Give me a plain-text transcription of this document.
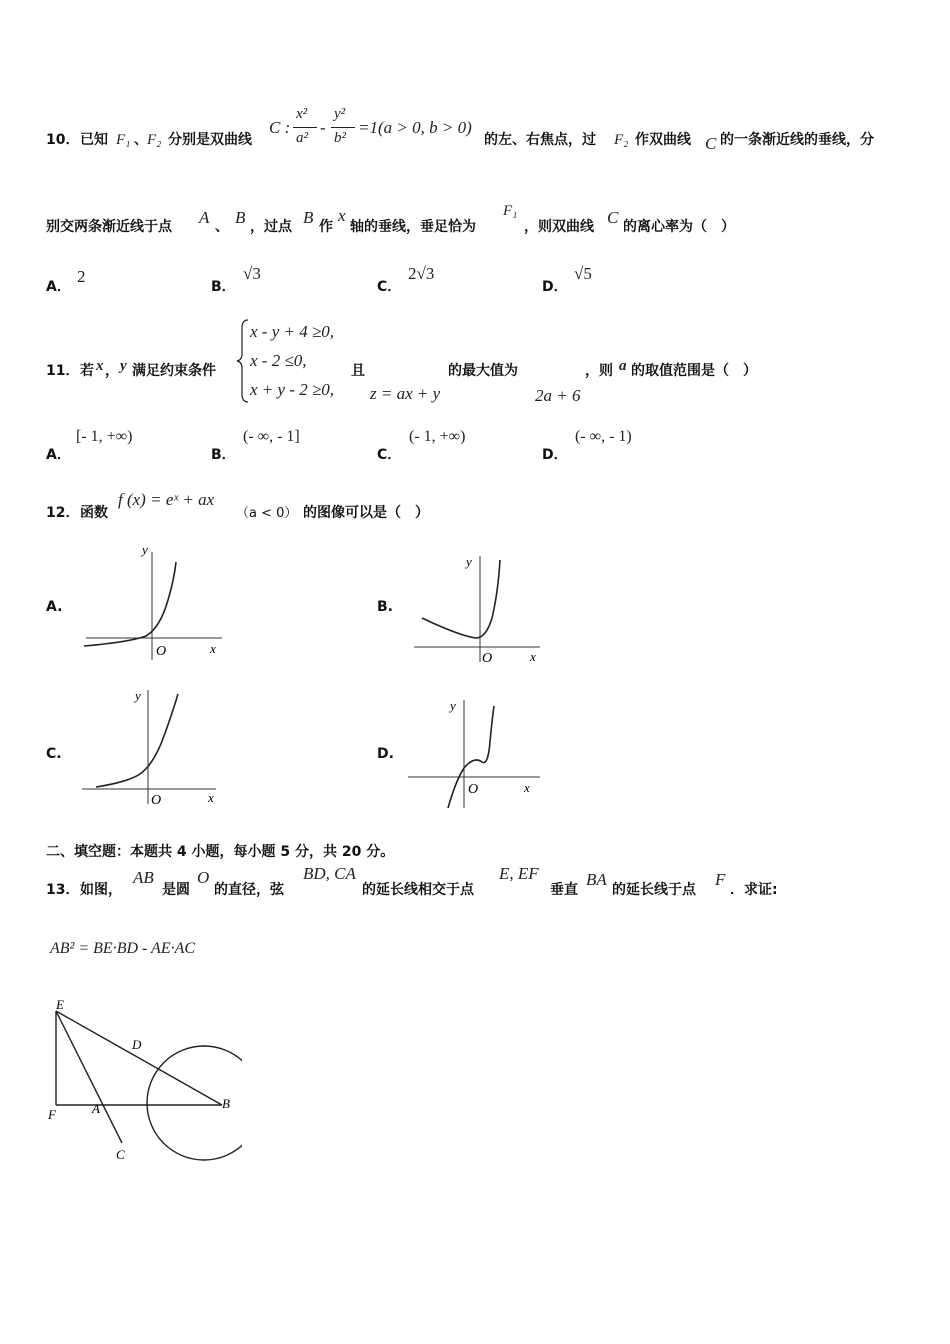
10． 已知 F₁ 、 F₂ 分别是双曲线
C :
x²
a²
-
y²
b²
=1(a > 0, b > 0)
的左、右焦点，过 F₂ 作双曲线 C 的一条渐近线的垂线，分
别交两条渐近线于点 A 、 B ，过点 B 作
x
轴的垂线，垂足恰为
F₁
，则双曲线 C 的离心率为（　）
A．
2
B．
√3
C．
2√3
D．
√5
11． 若 x ， y 满足约束条件
x - y + 4 ≥0,
x - 2 ≤0,
x + y - 2 ≥0,
且
z = ax + y
的最大值为
2a + 6
，则 a 的取值范围是（　）
A．
[- 1, +∞)
B．
(- ∞, - 1]
C．
(- 1, +∞)
D．
(- ∞, - 1)
12． 函数
f (x) = eˣ + ax
（a < 0） 的图像可以是（　）
A.
y
O	x
B.
y
O	x
C.
y
O	x
D.
y
O	x
二、填空题：本题共 4 小题，每小题 5 分，共 20 分。
13． 如图，
AB
是圆
O
的直径，弦
BD, CA
的延长线相交于点
E, EF
垂直
BA
的延长线于点
F
．求证:
AB² = BE·BD - AE·AC
E
D
F	A	B
C
